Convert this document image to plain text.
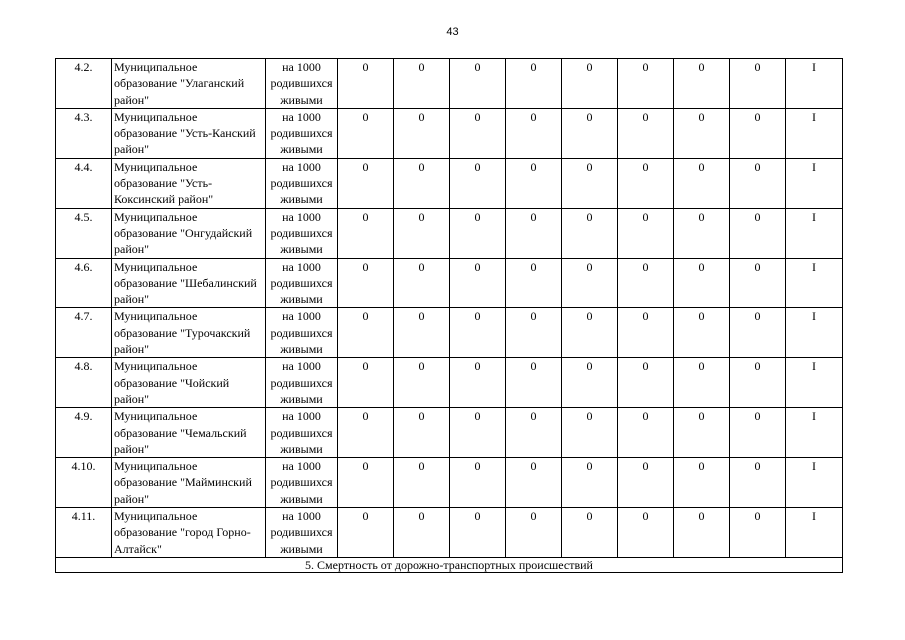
43
4.2.	Муниципальное образование "Улаганский район"	на 1000 родившихся живыми	0	0	0	0	0	0	0	0	I
4.3.	Муниципальное образование "Усть-Канский район"	на 1000 родившихся живыми	0	0	0	0	0	0	0	0	I
4.4.	Муниципальное образование "Усть-Коксинский район"	на 1000 родившихся живыми	0	0	0	0	0	0	0	0	I
4.5.	Муниципальное образование "Онгудайский район"	на 1000 родившихся живыми	0	0	0	0	0	0	0	0	I
4.6.	Муниципальное образование "Шебалинский район"	на 1000 родившихся живыми	0	0	0	0	0	0	0	0	I
4.7.	Муниципальное образование "Турочакский район"	на 1000 родившихся живыми	0	0	0	0	0	0	0	0	I
4.8.	Муниципальное образование "Чойский район"	на 1000 родившихся живыми	0	0	0	0	0	0	0	0	I
4.9.	Муниципальное образование "Чемальский район"	на 1000 родившихся живыми	0	0	0	0	0	0	0	0	I
4.10.	Муниципальное образование "Майминский район"	на 1000 родившихся живыми	0	0	0	0	0	0	0	0	I
4.11.	Муниципальное образование "город Горно-Алтайск"	на 1000 родившихся живыми	0	0	0	0	0	0	0	0	I
5. Смертность от дорожно-транспортных происшествий											
